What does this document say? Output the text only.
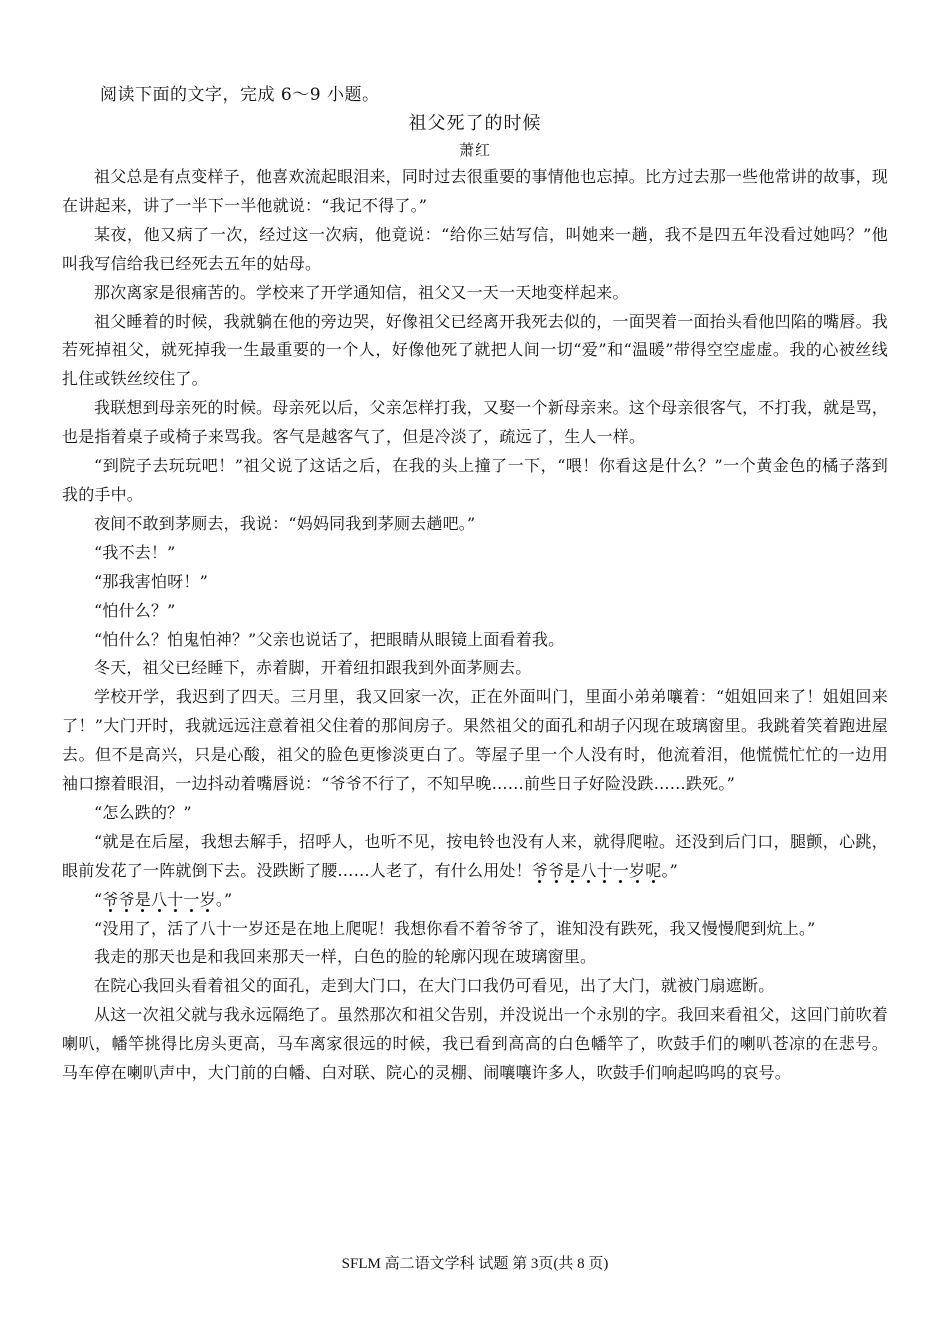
阅读下面的文字，完成 6～9 小题。
祖父死了的时候
萧红

祖父总是有点变样子，他喜欢流起眼泪来，同时过去很重要的事情他也忘掉。比方过去那一些他常讲的故事，现在讲起来，讲了一半下一半他就说：“我记不得了。”

某夜，他又病了一次，经过这一次病，他竟说：“给你三姑写信，叫她来一趟，我不是四五年没看过她吗？”他叫我写信给我已经死去五年的姑母。

那次离家是很痛苦的。学校来了开学通知信，祖父又一天一天地变样起来。

祖父睡着的时候，我就躺在他的旁边哭，好像祖父已经离开我死去似的，一面哭着一面抬头看他凹陷的嘴唇。我若死掉祖父，就死掉我一生最重要的一个人，好像他死了就把人间一切“爱”和“温暖”带得空空虚虚。我的心被丝线扎住或铁丝绞住了。

我联想到母亲死的时候。母亲死以后，父亲怎样打我，又娶一个新母亲来。这个母亲很客气，不打我，就是骂，也是指着桌子或椅子来骂我。客气是越客气了，但是冷淡了，疏远了，生人一样。

“到院子去玩玩吧！”祖父说了这话之后，在我的头上撞了一下，“喂！你看这是什么？”一个黄金色的橘子落到我的手中。

夜间不敢到茅厕去，我说：“妈妈同我到茅厕去趟吧。”

“我不去！”

“那我害怕呀！”

“怕什么？”

“怕什么？怕鬼怕神？”父亲也说话了，把眼睛从眼镜上面看着我。

冬天，祖父已经睡下，赤着脚，开着纽扣跟我到外面茅厕去。

学校开学，我迟到了四天。三月里，我又回家一次，正在外面叫门，里面小弟弟嚷着：“姐姐回来了！姐姐回来了！”大门开时，我就远远注意着祖父住着的那间房子。果然祖父的面孔和胡子闪现在玻璃窗里。我跳着笑着跑进屋去。但不是高兴，只是心酸，祖父的脸色更惨淡更白了。等屋子里一个人没有时，他流着泪，他慌慌忙忙的一边用袖口擦着眼泪，一边抖动着嘴唇说：“爷爷不行了，不知早晚……前些日子好险没跌……跌死。”

“怎么跌的？”

“就是在后屋，我想去解手，招呼人，也听不见，按电铃也没有人来，就得爬啦。还没到后门口，腿颤，心跳，眼前发花了一阵就倒下去。没跌断了腰……人老了，有什么用处！爷爷是八十一岁呢。”

“爷爷是八十一岁。”

“没用了，活了八十一岁还是在地上爬呢！我想你看不着爷爷了，谁知没有跌死，我又慢慢爬到炕上。”

我走的那天也是和我回来那天一样，白色的脸的轮廓闪现在玻璃窗里。

在院心我回头看着祖父的面孔，走到大门口，在大门口我仍可看见，出了大门，就被门扇遮断。

从这一次祖父就与我永远隔绝了。虽然那次和祖父告别，并没说出一个永别的字。我回来看祖父，这回门前吹着喇叭，幡竿挑得比房头更高，马车离家很远的时候，我已看到高高的白色幡竿了，吹鼓手们的喇叭苍凉的在悲号。马车停在喇叭声中，大门前的白幡、白对联、院心的灵棚、闹嚷嚷许多人，吹鼓手们响起呜呜的哀号。

SFLM 高二语文学科 试题 第 3页(共 8 页)
